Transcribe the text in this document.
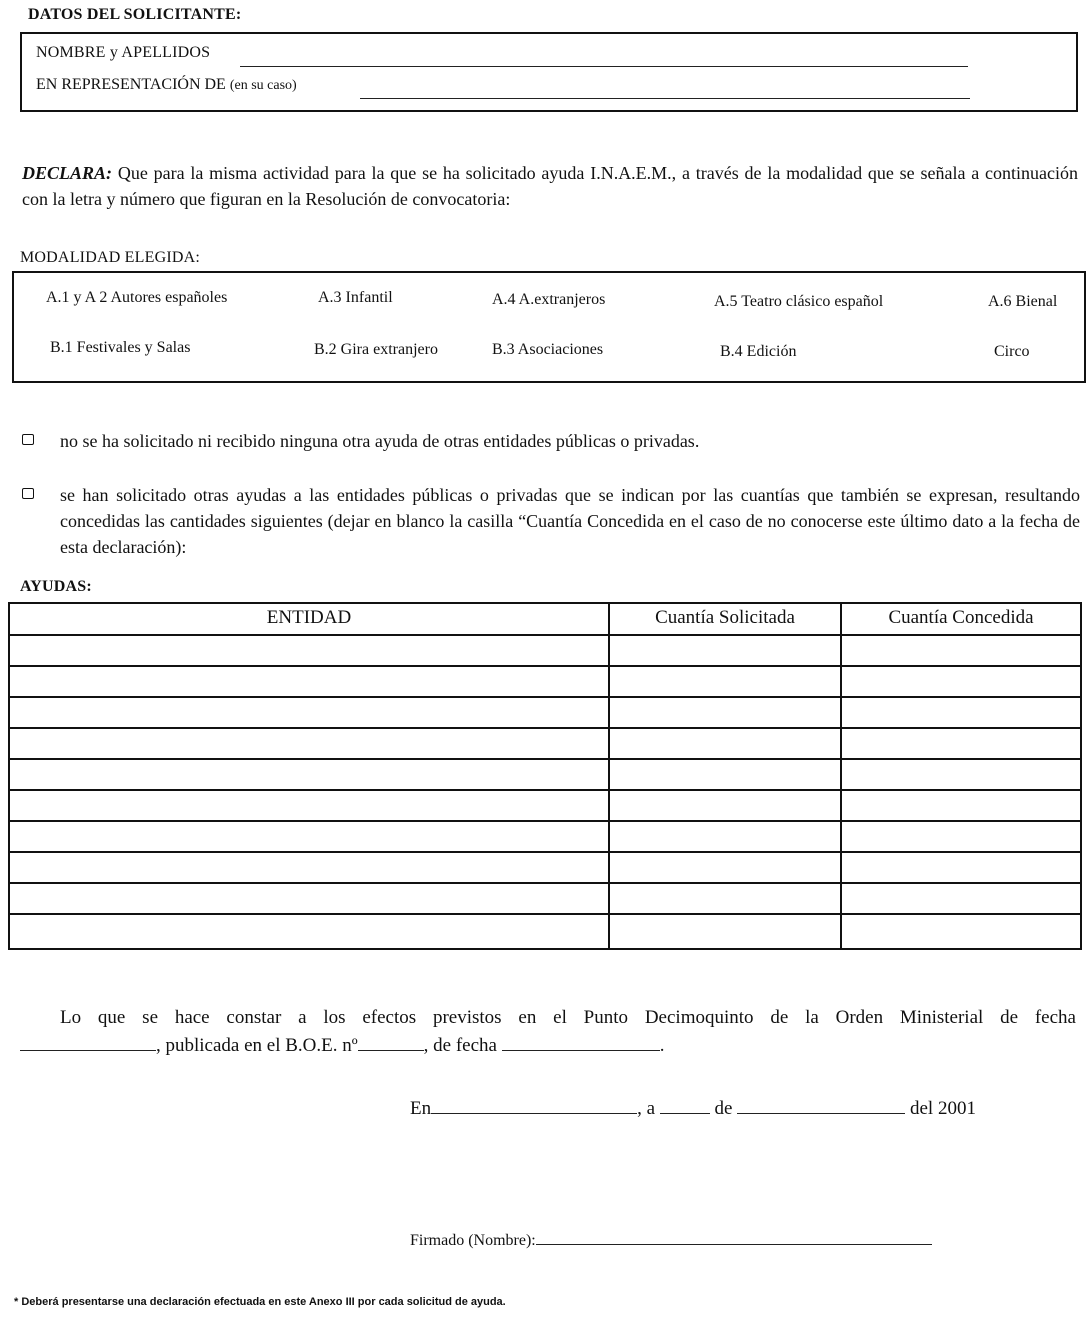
DATOS DEL SOLICITANTE:
NOMBRE y APELLIDOS
EN REPRESENTACIÓN DE (en su caso)
DECLARA: Que para la misma actividad para la que se ha solicitado ayuda I.N.A.E.M., a través de la modalidad que se señala a continuación con la letra y número que figuran en la Resolución de convocatoria:
MODALIDAD ELEGIDA:
A.1 y A 2 Autores españoles	A.3 Infantil	A.4 A.extranjeros	A.5 Teatro clásico español	A.6 Bienal
B.1 Festivales y Salas	B.2 Gira extranjero	B.3 Asociaciones	B.4 Edición	Circo
no se ha solicitado ni recibido ninguna otra ayuda de otras entidades públicas o privadas.
se han solicitado otras ayudas a las entidades públicas o privadas que se indican por las cuantías que también se expresan, resultando concedidas las cantidades siguientes (dejar en blanco la casilla “Cuantía Concedida en el caso de no conocerse este último dato a la fecha de esta declaración):
AYUDAS:
ENTIDAD	Cuantía Solicitada	Cuantía Concedida
Lo que se hace constar a los efectos previstos en el Punto Decimoquinto de la Orden Ministerial de fecha
, publicada en el B.O.E. nº	, de fecha	.
En	, a	de	del 2001
Firmado (Nombre):
* Deberá presentarse una declaración efectuada en este Anexo III por cada solicitud de ayuda.
